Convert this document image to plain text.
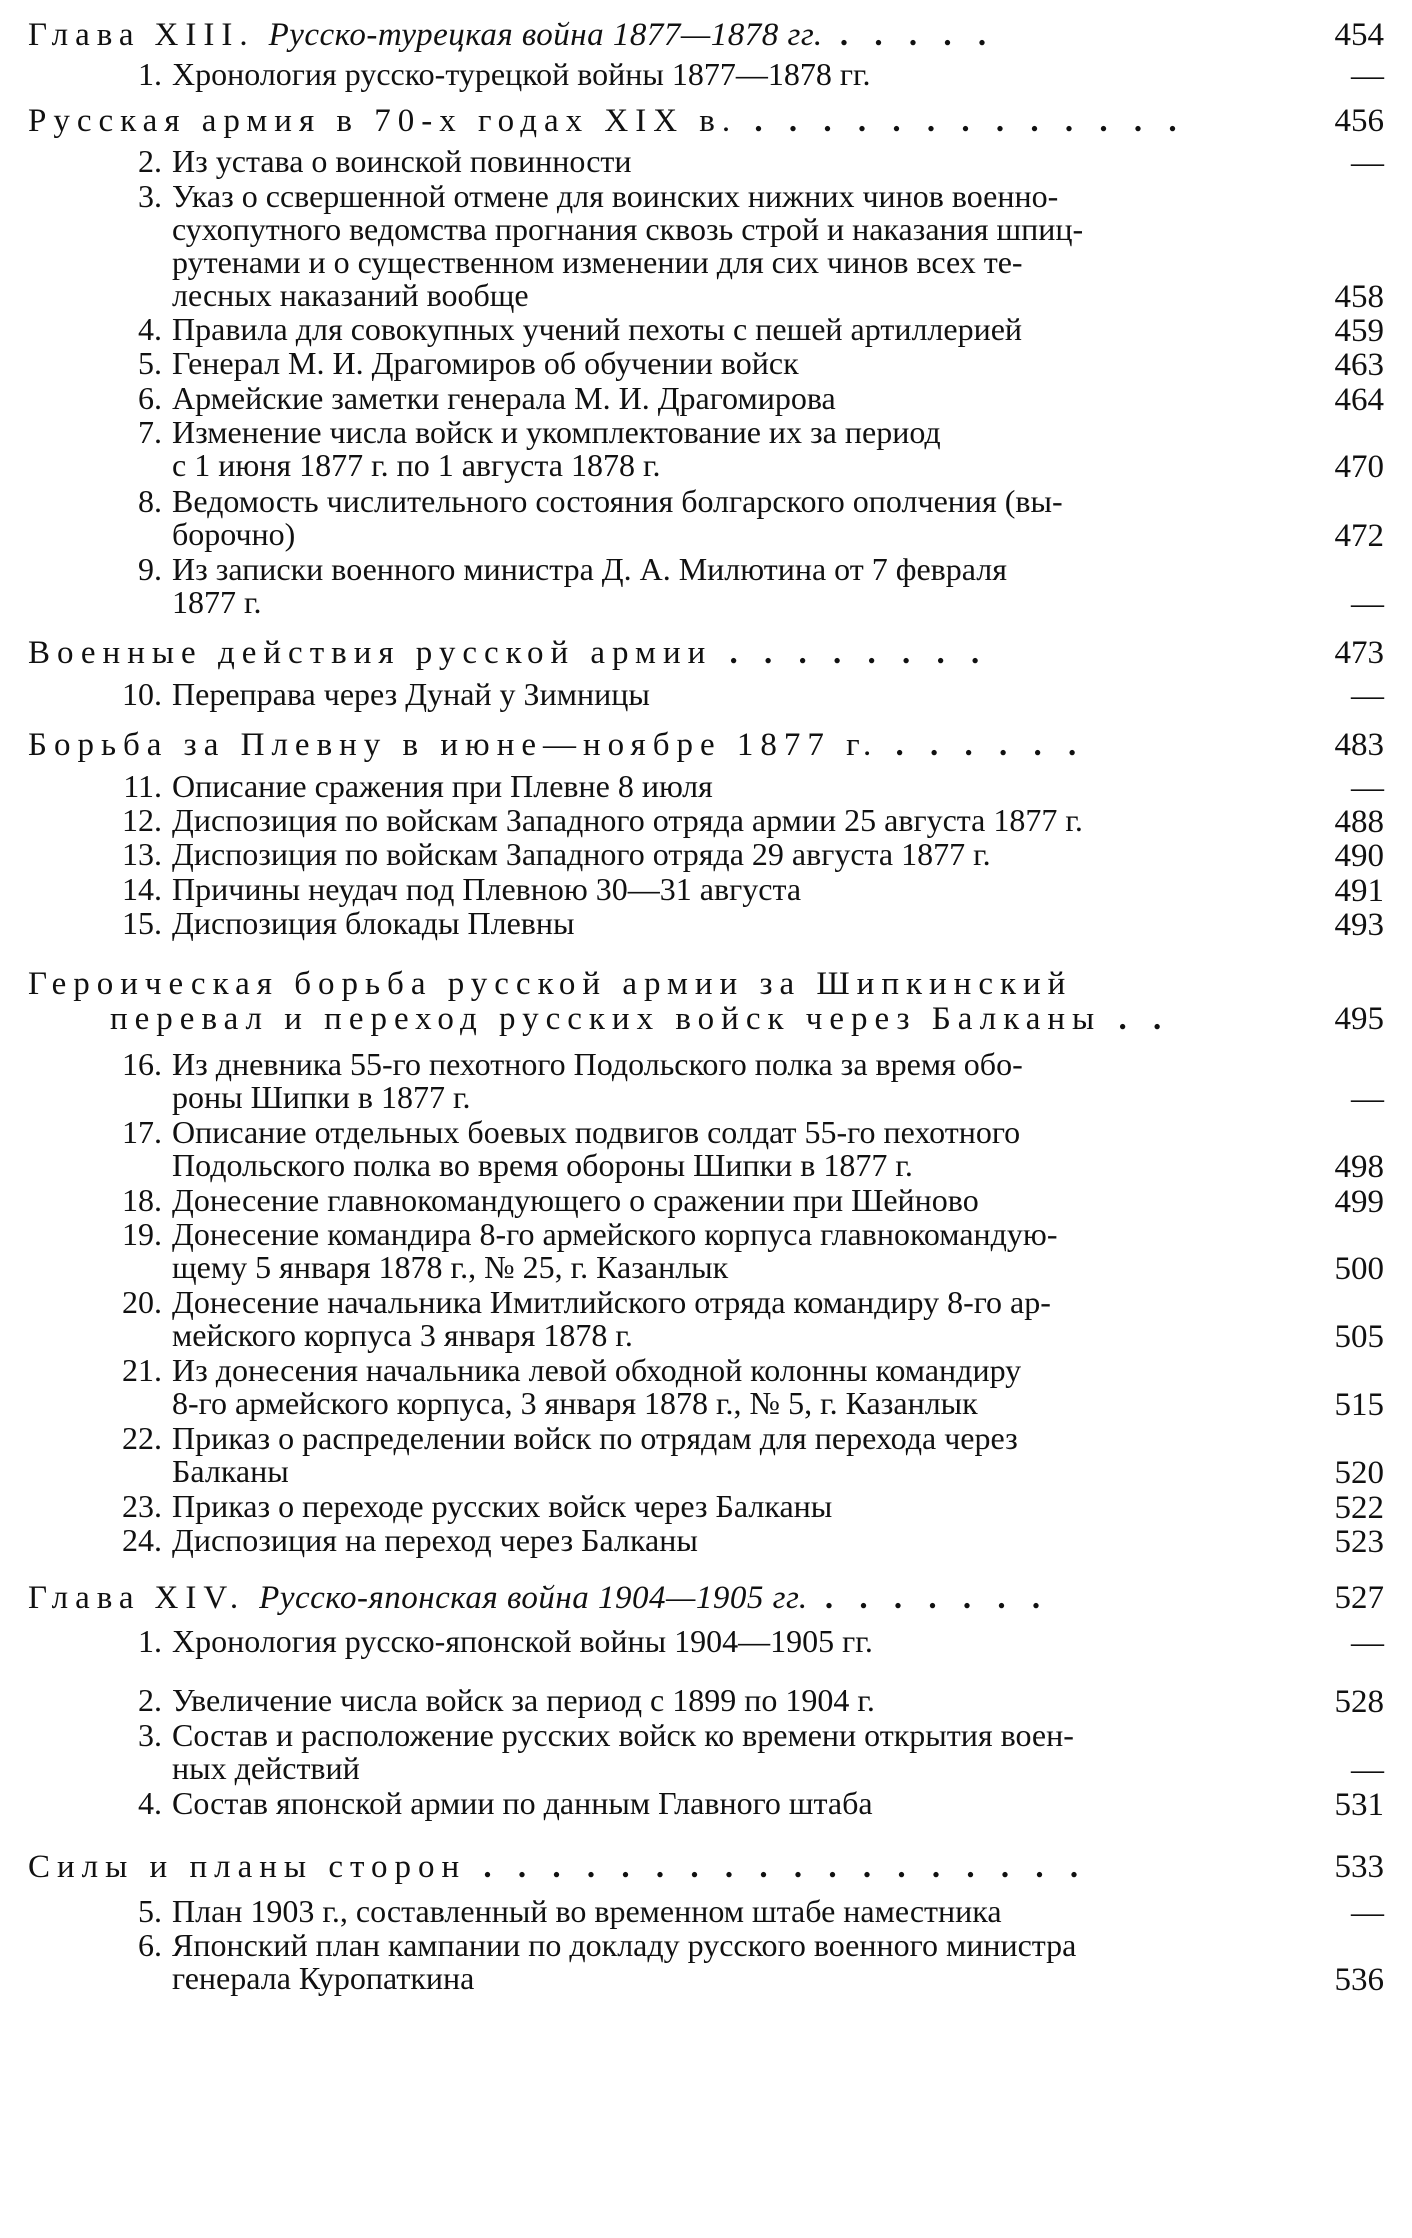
Глава XIII. Русско-турецкая война 1877—1878 гг. . . . . .	454
1. Хронология русско-турецкой войны 1877—1878 гг.	—
Русская армия в 70-х годах XIX в. . . . . . . . . . . . . .	456
2. Из устава о воинской повинности	—
3. Указ о ссвершенной отмене для воинских нижних чинов военно-
сухопутного ведомства прогнания сквозь строй и наказания шпиц-
рутенами и о существенном изменении для сих чинов всех те-
лесных наказаний вообще	458
4. Правила для совокупных учений пехоты с пешей артиллерией	459
5. Генерал М. И. Драгомиров об обучении войск	463
6. Армейские заметки генерала М. И. Драгомирова	464
7. Изменение числа войск и укомплектование их за период
с 1 июня 1877 г. по 1 августа 1878 г.	470
8. Ведомость числительного состояния болгарского ополчения (вы-
борочно)	472
9. Из записки военного министра Д. А. Милютина от 7 февраля
1877 г.	—
Военные действия русской армии . . . . . . . .	473
10. Переправа через Дунай у Зимницы	—
Борьба за Плевну в июне—ноябре 1877 г. . . . . . .	483
11. Описание сражения при Плевне 8 июля	—
12. Диспозиция по войскам Западного отряда армии 25 августа 1877 г.	488
13. Диспозиция по войскам Западного отряда 29 августа 1877 г.	490
14. Причины неудач под Плевною 30—31 августа	491
15. Диспозиция блокады Плевны	493
Героическая борьба русской армии за Шипкинский
перевал и переход русских войск через Балканы . .	495
16. Из дневника 55-го пехотного Подольского полка за время обо-
роны Шипки в 1877 г.	—
17. Описание отдельных боевых подвигов солдат 55-го пехотного
Подольского полка во время обороны Шипки в 1877 г.	498
18. Донесение главнокомандующего о сражении при Шейново	499
19. Донесение командира 8-го армейского корпуса главнокомандую-
щему 5 января 1878 г., № 25, г. Казанлык	500
20. Донесение начальника Имитлийского отряда командиру 8-го ар-
мейского корпуса 3 января 1878 г.	505
21. Из донесения начальника левой обходной колонны командиру
8-го армейского корпуса, 3 января 1878 г., № 5, г. Казанлык	515
22. Приказ о распределении войск по отрядам для перехода через
Балканы	520
23. Приказ о переходе русских войск через Балканы	522
24. Диспозиция на переход через Балканы	523
Глава XIV. Русско-японская война 1904—1905 гг. . . . . . . .	527
1. Хронология русско-японской войны 1904—1905 гг.	—
2. Увеличение числа войск за период с 1899 по 1904 г.	528
3. Состав и расположение русских войск ко времени открытия воен-
ных действий	—
4. Состав японской армии по данным Главного штаба	531
Силы и планы сторон . . . . . . . . . . . . . . . . . .	533
5. План 1903 г., составленный во временном штабе наместника	—
6. Японский план кампании по докладу русского военного министра
генерала Куропаткина	536
